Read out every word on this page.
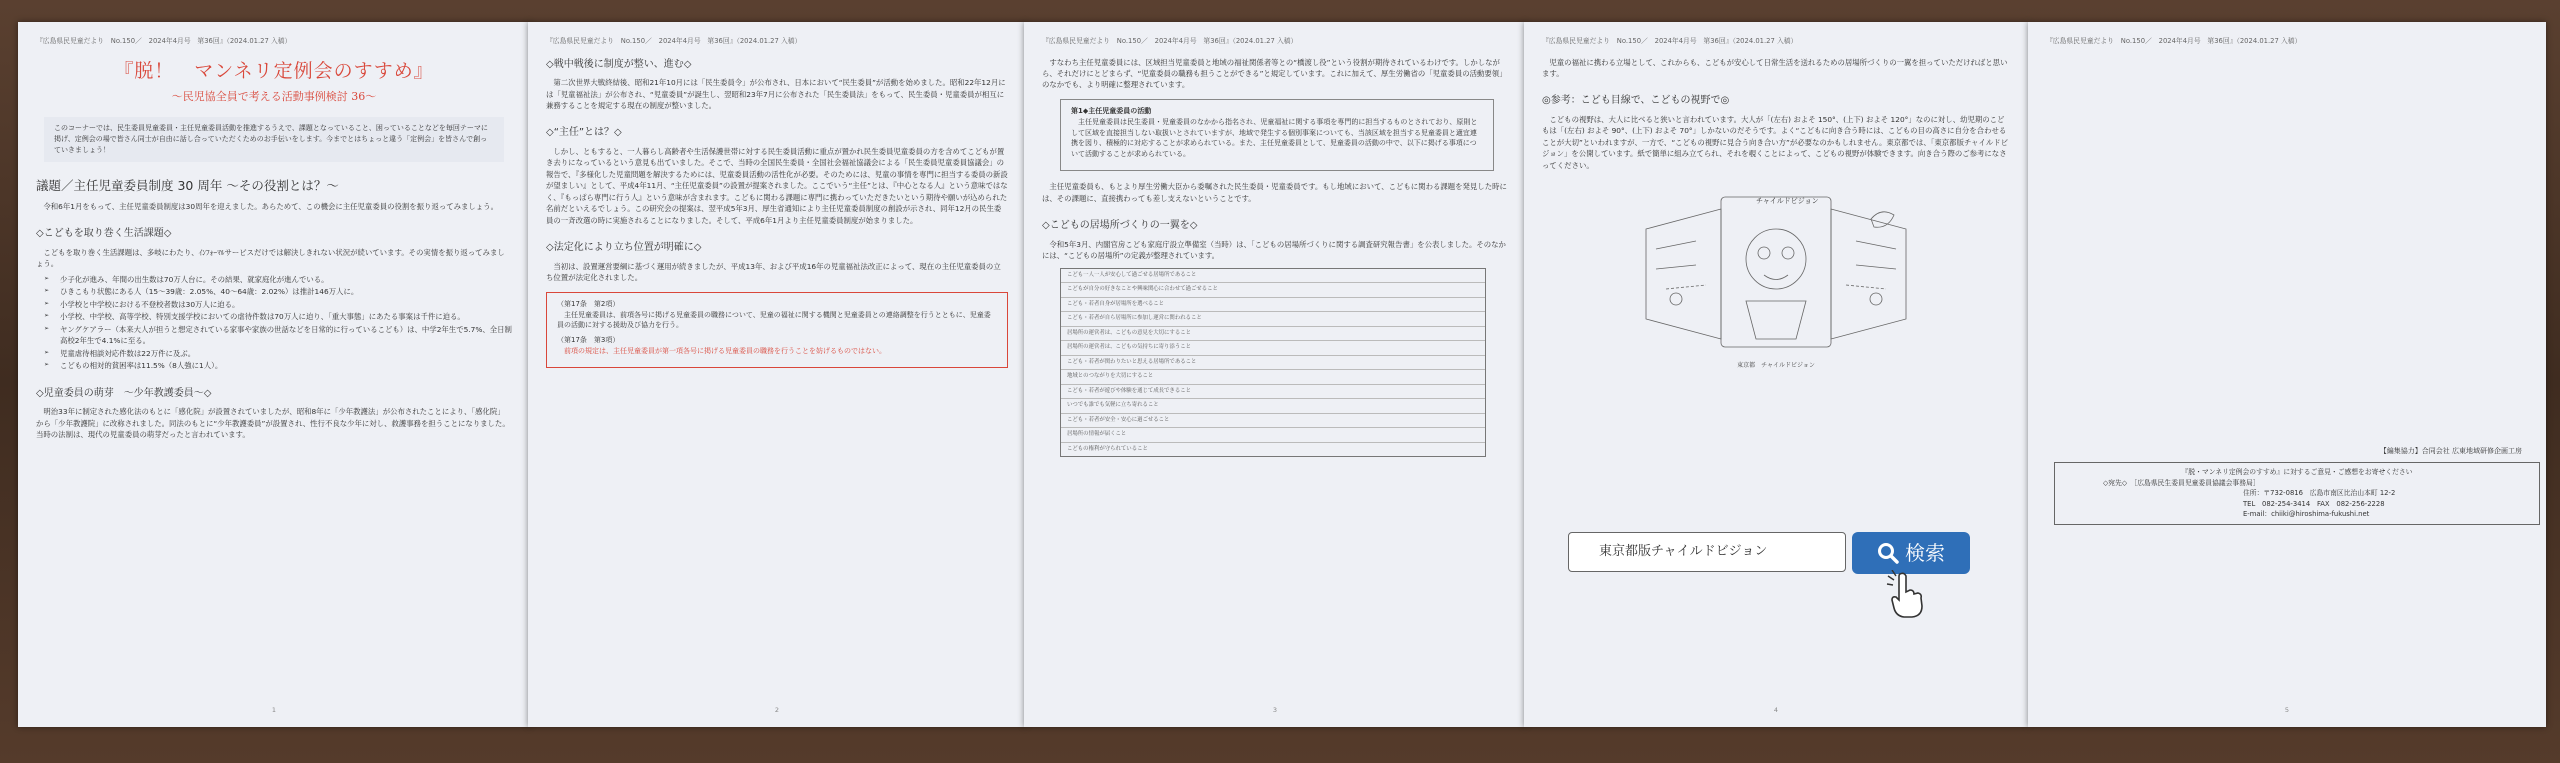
『広島県民児童だより　No.150／　2024年4月号　第36回』（2024.01.27 入稿）
『脱！　マンネリ定例会のすすめ』
～民児協全員で考える活動事例検討 36～
このコーナーでは、民生委員児童委員・主任児童委員活動を推進するうえで、課題となっていること、困っていることなどを毎回テーマに掲げ、定例会の場で皆さん同士が自由に話し合っていただくためのお手伝いをします。今までとはちょっと違う「定例会」を皆さんで創っていきましょう！
議題／主任児童委員制度 30 周年 ～その役割とは？～

令和6年1月をもって、主任児童委員制度は30周年を迎えました。あらためて、この機会に主任児童委員の役割を振り返ってみましょう。

◇こどもを取り巻く生活課題◇

こどもを取り巻く生活課題は、多岐にわたり、ｲﾝﾌｫｰﾏﾙサービスだけでは解決しきれない状況が続いています。その実情を振り返ってみましょう。

➢ 少子化が進み、年間の出生数は70万人台に。その結果、就家庭化が進んでいる。
➢ ひきこもり状態にある人（15～39歳：2.05%、40～64歳：2.02%）は推計146万人に。
➢ 小学校と中学校における不登校者数は30万人に迫る。
➢ 小学校、中学校、高等学校、特別支援学校においての虐待件数は70万人に迫り、「重大事態」にあたる事案は千件に迫る。
➢ ヤングケアラー（本来大人が担うと想定されている家事や家族の世話などを日常的に行っているこども）は、中学2年生で5.7%、全日制高校2年生で4.1%に至る。
➢ 児童虐待相談対応件数は22万件に及ぶ。
➢ こどもの相対的貧困率は11.5%（8人強に1人）。
◇児童委員の萌芽　～少年教護委員～◇

明治33年に制定された感化法のもとに「感化院」が設置されていましたが、昭和8年に「少年教護法」が公布されたことにより、「感化院」から「少年教護院」に改称されました。同法のもとに“少年教護委員”が設置され、性行不良な少年に対し、救護事務を担うことになりました。当時の法制は、現代の児童委員の萌芽だったと言われています。

1
『広島県民児童だより　No.150／　2024年4月号　第36回』（2024.01.27 入稿）
◇戦中戦後に制度が整い、進む◇

第二次世界大戦終結後、昭和21年10月には「民生委員令」が公布され、日本において“民生委員”が活動を始めました。昭和22年12月には「児童福祉法」が公布され、“児童委員”が誕生し、翌昭和23年7月に公布された「民生委員法」をもって、民生委員・児童委員が相互に兼務することを規定する現在の制度が整いました。

◇“主任”とは？◇

しかし、ともすると、一人暮らし高齢者や生活保護世帯に対する民生委員活動に重点が置かれ民生委員児童委員の方を含めてこどもが置き去りになっているという意見も出ていました。そこで、当時の全国民生委員・全国社会福祉協議会による「民生委員児童委員協議会」の報告で、『多様化した児童問題を解決するためには、児童委員活動の活性化が必要。そのためには、児童の事情を専門に担当する委員の新設が望ましい』として、平成4年11月、“主任児童委員”の設置が提案されました。ここでいう“主任”とは、『中心となる人』という意味ではなく、『もっぱら専門に行う人』という意味が含まれます。こどもに関わる課題に専門に携わっていただきたいという期待や願いが込められた名前だといえるでしょう。この研究会の提案は、翌平成5年3月、厚生省通知により主任児童委員制度の創設が示され、同年12月の民生委員の一斉改選の時に実施されることになりました。そして、平成6年1月より主任児童委員制度が始まりました。

◇法定化により立ち位置が明確に◇

当初は、設置運営要綱に基づく運用が続きましたが、平成13年、および平成16年の児童福祉法改正によって、現在の主任児童委員の立ち位置が法定化されました。

（第17条　第2項）
主任児童委員は、前項各号に掲げる児童委員の職務について、児童の福祉に関する機関と児童委員との連絡調整を行うとともに、児童委員の活動に対する援助及び協力を行う。
（第17条　第3項）
前項の規定は、主任児童委員が第一項各号に掲げる児童委員の職務を行うことを妨げるものではない。
2
『広島県民児童だより　No.150／　2024年4月号　第36回』（2024.01.27 入稿）

すなわち主任児童委員には、区域担当児童委員と地域の福祉関係者等との“橋渡し役”という役割が期待されているわけです。しかしながら、それだけにとどまらず、“児童委員の職務も担うことができる”と規定しています。これに加えて、厚生労働省の「児童委員の活動要領」のなかでも、より明確に整理されています。

第1◆主任児童委員の活動
主任児童委員は民生委員・児童委員のなかから指名され、児童福祉に関する事項を専門的に担当するものとされており、原則として区域を直接担当しない取扱いとされていますが、地域で発生する個別事案についても、当該区域を担当する児童委員と適宜連携を図り、積極的に対応することが求められている。また、主任児童委員として、児童委員の活動の中で、以下に掲げる事項について活動することが求められている。

主任児童委員も、もとより厚生労働大臣から委嘱された民生委員・児童委員です。もし地域において、こどもに関わる課題を発見した時には、その課題に、直接携わっても差し支えないということです。

◇こどもの居場所づくりの一翼を◇

令和5年3月、内閣官房こども家庭庁設立準備室（当時）は、「こどもの居場所づくりに関する調査研究報告書」を公表しました。そのなかには、“こどもの居場所”の定義が整理されています。

こども一人一人が安心して過ごせる居場所であること
こどもが自分の好きなことや興味関心に合わせて過ごせること
こども・若者自身が居場所を選べること
こども・若者が自ら居場所に参加し運営に関われること
居場所の運営者は、こどもの意見を大切にすること
居場所の運営者は、こどもの気持ちに寄り添うこと
こども・若者が関わりたいと思える居場所であること
地域とのつながりを大切にすること
こども・若者が遊びや体験を通じて成長できること
いつでも誰でも気軽に立ち寄れること
こども・若者が安全・安心に過ごせること
居場所の情報が届くこと
こどもの権利が守られていること
3
『広島県民児童だより　No.150／　2024年4月号　第36回』（2024.01.27 入稿）

児童の福祉に携わる立場として、これからも、こどもが安心して日常生活を送れるための居場所づくりの一翼を担っていただければと思います。

◎参考：こども目線で、こどもの視野で◎

こどもの視野は、大人に比べると狭いと言われています。大人が「(左右) およそ 150°、(上下) およそ 120°」なのに対し、幼児期のこどもは「(左右) およそ 90°、(上下) およそ 70°」しかないのだそうです。よく“こどもに向き合う時には、こどもの目の高さに自分を合わせることが大切”といわれますが、一方で、“こどもの視野に見合う向き合い方”が必要なのかもしれません。東京都では、「東京都版チャイルドビジョン」を公開しています。紙で簡単に組み立てられ、それを覗くことによって、こどもの視野が体験できます。向き合う際のご参考になさってください。

チャイルドビジョン
東京都　チャイルドビジョン
東京都版チャイルドビジョン	検索
4
『広島県民児童だより　No.150／　2024年4月号　第36回』（2024.01.27 入稿）
【編集協力】合同会社 広東地域研修企画工房
『脱・マンネリ定例会のすすめ』に対するご意見・ご感想をお寄せください
◇宛先◇　［広島県民生委員児童委員協議会事務局］
住所：〒732-0816　広島市南区比治山本町 12-2
TEL　082-254-3414　FAX　082-256-2228
E-mail：chiiki@hiroshima-fukushi.net
5
